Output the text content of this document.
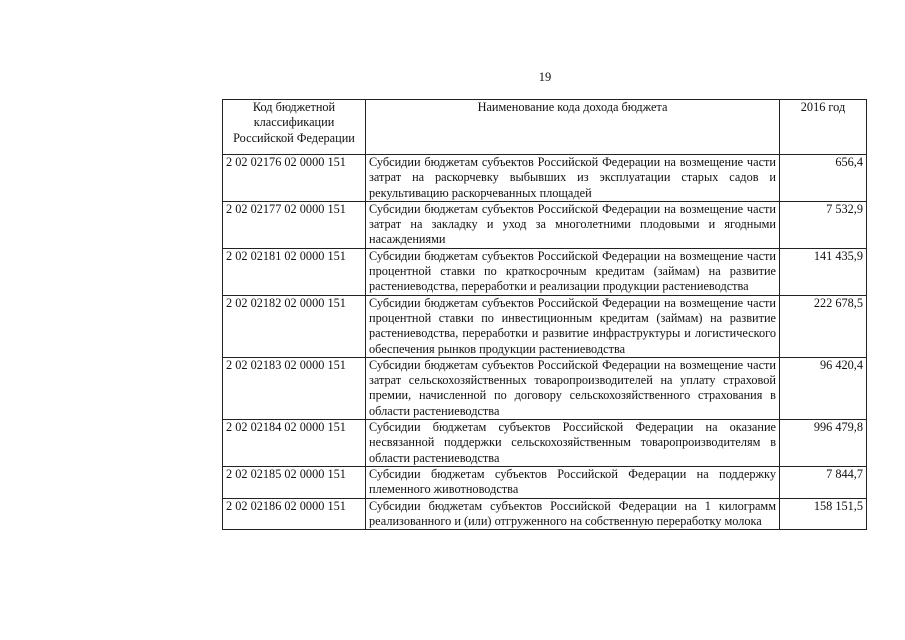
19
Код бюджетной классификации Российской Федерации	Наименование кода дохода бюджета	2016 год
2 02 02176 02 0000 151	Субсидии бюджетам субъектов Российской Федерации на возмещение части затрат на раскорчевку выбывших из эксплуатации старых садов и рекультивацию раскорчеванных площадей	656,4
2 02 02177 02 0000 151	Субсидии бюджетам субъектов Российской Федерации на возмещение части затрат на закладку и уход за многолетними плодовыми и ягодными насаждениями	7 532,9
2 02 02181 02 0000 151	Субсидии бюджетам субъектов Российской Федерации на возмещение части процентной ставки по краткосрочным кредитам (займам) на развитие растениеводства, переработки и реализации продукции растениеводства	141 435,9
2 02 02182 02 0000 151	Субсидии бюджетам субъектов Российской Федерации на возмещение части процентной ставки по инвестиционным кредитам (займам) на развитие растениеводства, переработки и развитие инфраструктуры и логистического обеспечения рынков продукции растениеводства	222 678,5
2 02 02183 02 0000 151	Субсидии бюджетам субъектов Российской Федерации на возмещение части затрат сельскохозяйственных товаропроизводителей на уплату страховой премии, начисленной по договору сельскохозяйственного страхования в области растениеводства	96 420,4
2 02 02184 02 0000 151	Субсидии бюджетам субъектов Российской Федерации на оказание несвязанной поддержки сельскохозяйственным товаропроизводителям в области растениеводства	996 479,8
2 02 02185 02 0000 151	Субсидии бюджетам субъектов Российской Федерации на поддержку племенного животноводства	7 844,7
2 02 02186 02 0000 151	Субсидии бюджетам субъектов Российской Федерации на 1 килограмм реализованного и (или) отгруженного на собственную переработку молока	158 151,5
